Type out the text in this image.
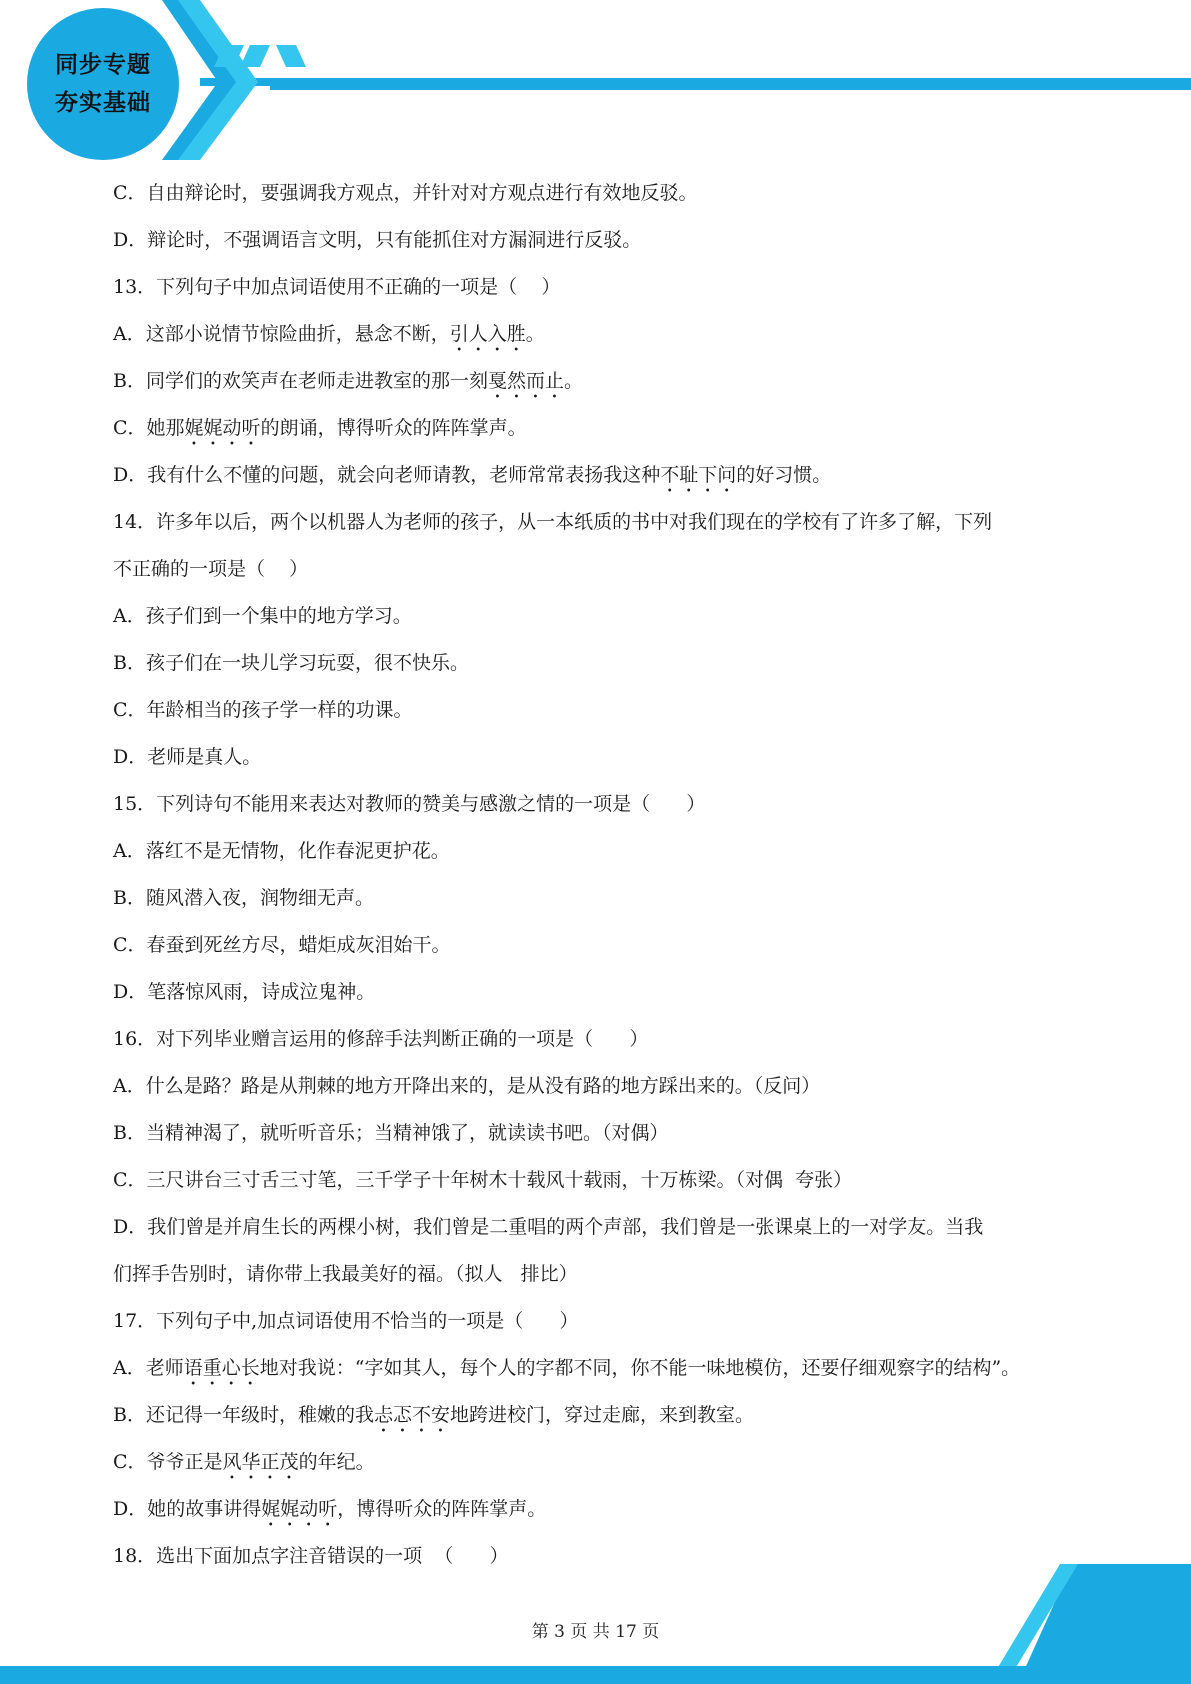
同步专题
夯实基础
C．自由辩论时，要强调我方观点，并针对对方观点进行有效地反驳。
D．辩论时，不强调语言文明，只有能抓住对方漏洞进行反驳。
13．下列句子中加点词语使用不正确的一项是（    ）
A．这部小说情节惊险曲折，悬念不断，引人入胜。
B．同学们的欢笑声在老师走进教室的那一刻戛然而止。
C．她那娓娓动听的朗诵，博得听众的阵阵掌声。
D．我有什么不懂的问题，就会向老师请教，老师常常表扬我这种不耻下问的好习惯。
14．许多年以后，两个以机器人为老师的孩子，从一本纸质的书中对我们现在的学校有了许多了解，下列
不正确的一项是（    ）
A．孩子们到一个集中的地方学习。
B．孩子们在一块儿学习玩耍，很不快乐。
C．年龄相当的孩子学一样的功课。
D．老师是真人。
15．下列诗句不能用来表达对教师的赞美与感激之情的一项是（      ）
A．落红不是无情物，化作春泥更护花。
B．随风潜入夜，润物细无声。
C．春蚕到死丝方尽，蜡炬成灰泪始干。
D．笔落惊风雨，诗成泣鬼神。
16．对下列毕业赠言运用的修辞手法判断正确的一项是（      ）
A．什么是路？路是从荆棘的地方开降出来的，是从没有路的地方踩出来的。（反问）
B．当精神渴了，就听听音乐；当精神饿了，就读读书吧。（对偶）
C．三尺讲台三寸舌三寸笔，三千学子十年树木十载风十载雨，十万栋梁。（对偶  夸张）
D．我们曾是并肩生长的两棵小树，我们曾是二重唱的两个声部，我们曾是一张课桌上的一对学友。当我
们挥手告别时，请你带上我最美好的福。（拟人   排比）
17．下列句子中,加点词语使用不恰当的一项是（      ）
A．老师语重心长地对我说：“字如其人，每个人的字都不同，你不能一味地模仿，还要仔细观察字的结构”。
B．还记得一年级时，稚嫩的我忐忑不安地跨进校门，穿过走廊，来到教室。
C．爷爷正是风华正茂的年纪。
D．她的故事讲得娓娓动听，博得听众的阵阵掌声。
18．选出下面加点字注音错误的一项  （      ）
第 3 页 共 17 页
